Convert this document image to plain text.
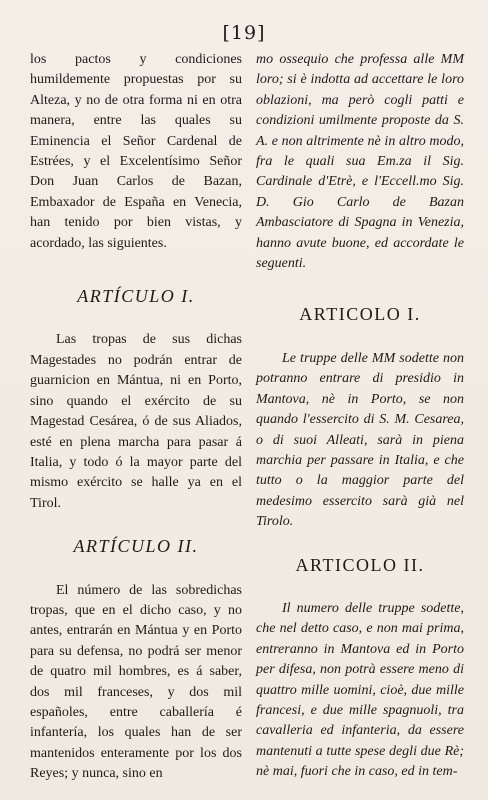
[19]

los pactos y condiciones humildemente propuestas por su Alteza, y no de otra forma ni en otra manera, entre las quales su Eminencia el Señor Cardenal de Estrées, y el Excelentísimo Señor Don Juan Carlos de Bazan, Embaxador de España en Venecia, han tenido por bien vistas, y acordado, las siguientes.

ARTÍCULO I.

Las tropas de sus dichas Magestades no podrán entrar de guarnicion en Mántua, ni en Porto, sino quando el exército de su Magestad Cesárea, ó de sus Aliados, esté en plena marcha para pasar á Italia, y todo ó la mayor parte del mismo exército se halle ya en el Tirol.

ARTÍCULO II.

El número de las sobredichas tropas, que en el dicho caso, y no antes, entrarán en Mántua y en Porto para su defensa, no podrá ser menor de quatro mil hombres, es á saber, dos mil franceses, y dos mil españoles, entre caballería é infantería, los quales han de ser mantenidos enteramente por los dos Reyes; y nunca, sino en

mo ossequio che professa alle MM loro; si è indotta ad accettare le loro oblazioni, ma però cogli patti e condizioni umilmente proposte da S. A. e non altrimente nè in altro modo, fra le quali sua Em.za il Sig. Cardinale d'Etrè, e l'Eccell.mo Sig. D. Gio Carlo de Bazan Ambasciatore di Spagna in Venezia, hanno avute buone, ed accordate le seguenti.

ARTICOLO I.

Le truppe delle MM sodette non potranno entrare di presidio in Mantova, nè in Porto, se non quando l'essercito di S. M. Cesarea, o di suoi Alleati, sarà in piena marchia per passare in Italia, e che tutto o la maggior parte del medesimo essercito sarà già nel Tirolo.

ARTICOLO II.

Il numero delle truppe sodette, che nel detto caso, e non mai prima, entreranno in Mantova ed in Porto per difesa, non potrà essere meno di quattro mille uomini, cioè, due mille francesi, e due mille spagnuoli, tra cavalleria ed infanteria, da essere mantenuti a tutte spese degli due Rè; nè mai, fuori che in caso, ed in tem-
